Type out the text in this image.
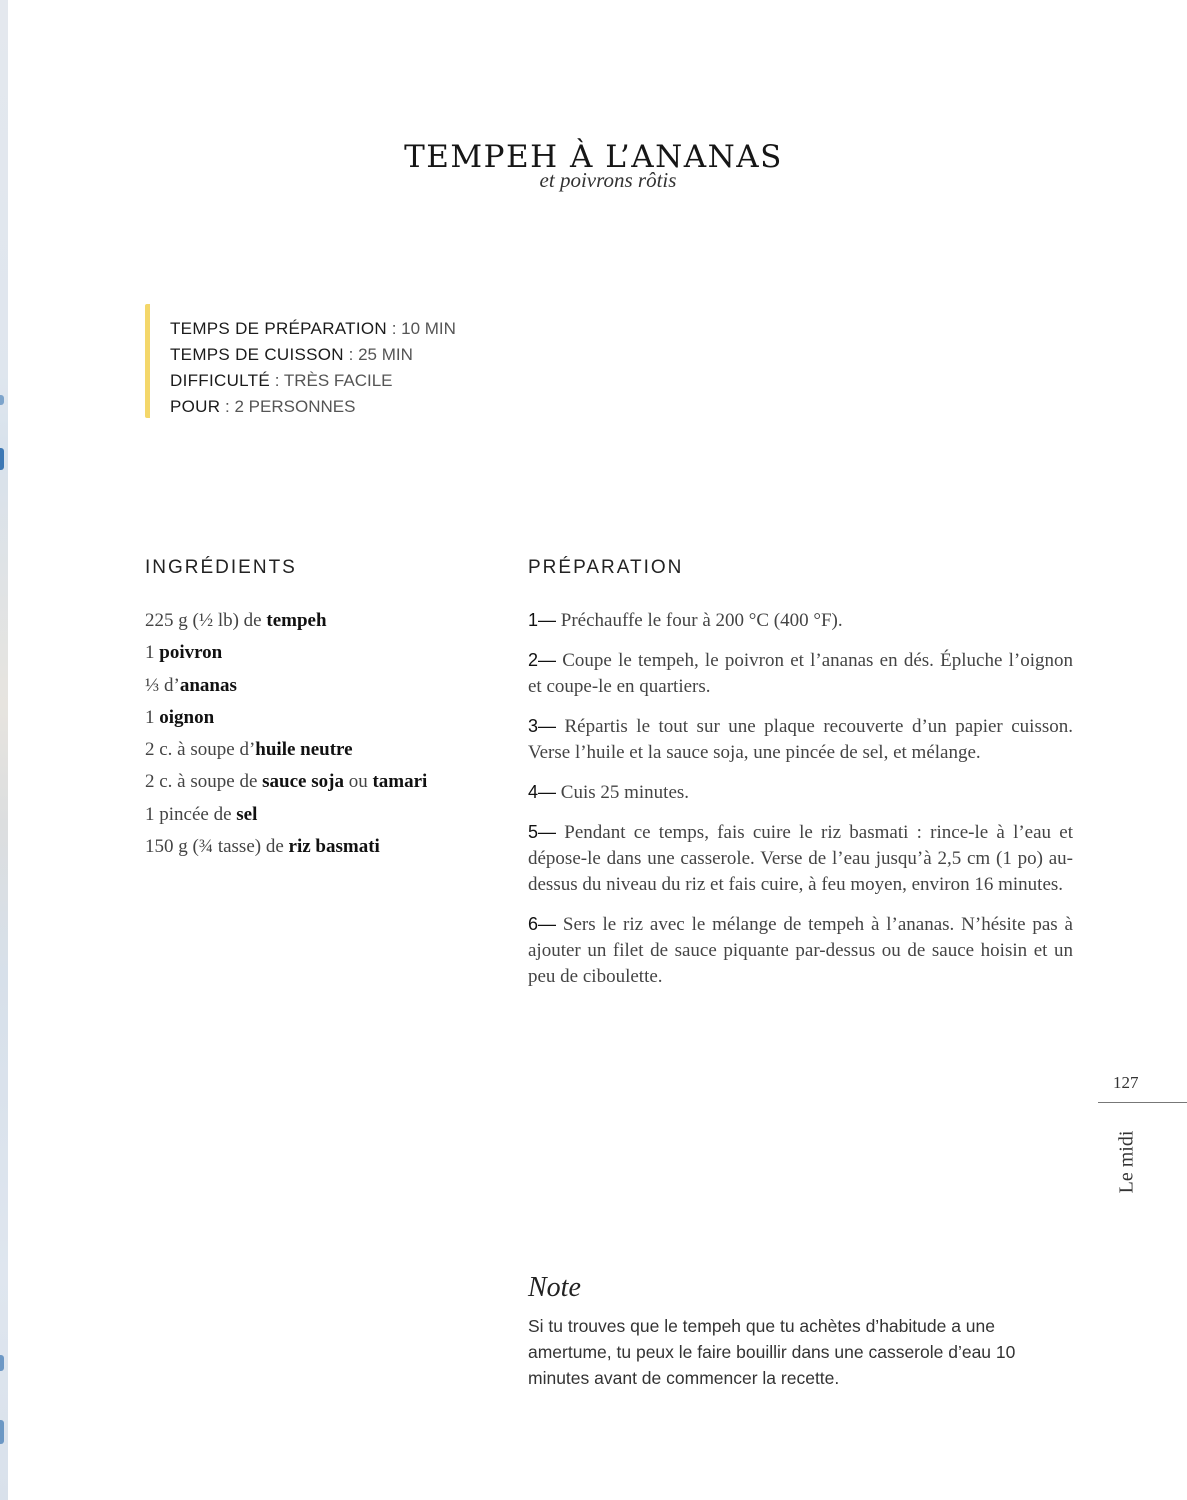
TEMPEH À L’ANANAS
et poivrons rôtis
TEMPS DE PRÉPARATION : 10 MIN
TEMPS DE CUISSON : 25 MIN
DIFFICULTÉ : TRÈS FACILE
POUR : 2 PERSONNES
INGRÉDIENTS	PRÉPARATION
225 g (½ lb) de tempeh
1 poivron
⅓ d’ananas
1 oignon
2 c. à soupe d’huile neutre
2 c. à soupe de sauce soja ou tamari
1 pincée de sel
150 g (¾ tasse) de riz basmati
1— Préchauffe le four à 200 °C (400 °F).
2— Coupe le tempeh, le poivron et l’ananas en dés. Épluche l’oignon et coupe-le en quartiers.
3— Répartis le tout sur une plaque recouverte d’un papier cuisson. Verse l’huile et la sauce soja, une pincée de sel, et mélange.
4— Cuis 25 minutes.
5— Pendant ce temps, fais cuire le riz basmati : rince-le à l’eau et dépose-le dans une casserole. Verse de l’eau jusqu’à 2,5 cm (1 po) au-dessus du niveau du riz et fais cuire, à feu moyen, environ 16 minutes.
6— Sers le riz avec le mélange de tempeh à l’ananas. N’hésite pas à ajouter un filet de sauce piquante par-dessus ou de sauce hoisin et un peu de ciboulette.
127
Le midi
Note
Si tu trouves que le tempeh que tu achètes d’habitude a une amertume, tu peux le faire bouillir dans une casserole d’eau 10 minutes avant de commencer la recette.
